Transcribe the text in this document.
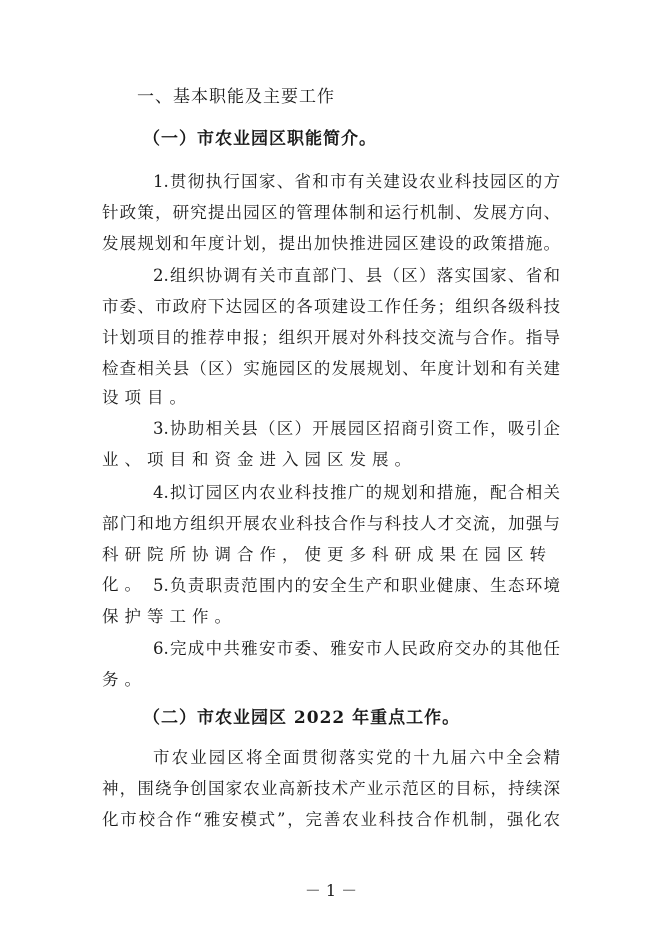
一、基本职能及主要工作
（一）市农业园区职能简介。
1.贯彻执行国家、省和市有关建设农业科技园区的方
针政策，研究提出园区的管理体制和运行机制、发展方向、
发展规划和年度计划，提出加快推进园区建设的政策措施。
2.组织协调有关市直部门、县（区）落实国家、省和
市委、市政府下达园区的各项建设工作任务；组织各级科技
计划项目的推荐申报；组织开展对外科技交流与合作。指导
检查相关县（区）实施园区的发展规划、年度计划和有关建
设项目。
3.协助相关县（区）开展园区招商引资工作，吸引企
业、项目和资金进入园区发展。
4.拟订园区内农业科技推广的规划和措施，配合相关
部门和地方组织开展农业科技合作与科技人才交流，加强与
科研院所协调合作，使更多科研成果在园区转化。 5.负责职责范围内的安全生产和职业健康、生态环境
保护等工作。
6.完成中共雅安市委、雅安市人民政府交办的其他任
务。
（二）市农业园区 2022 年重点工作。
市农业园区将全面贯彻落实党的十九届六中全会精
神，围绕争创国家农业高新技术产业示范区的目标，持续深
化市校合作“雅安模式”，完善农业科技合作机制，强化农
－ 1 －
